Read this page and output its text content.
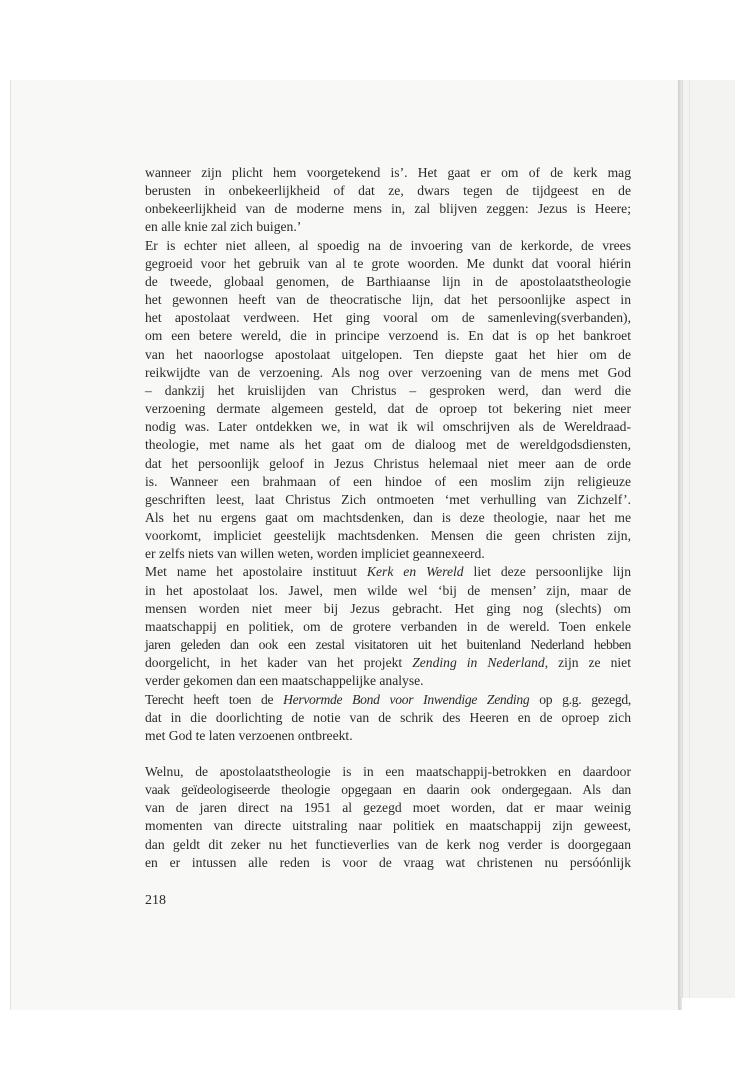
wanneer zijn plicht hem voorgetekend is’. Het gaat er om of de kerk mag

berusten in onbekeerlijkheid of dat ze, dwars tegen de tijdgeest en de

onbekeerlijkheid van de moderne mens in, zal blijven zeggen: Jezus is Heere;

en alle knie zal zich buigen.’

Er is echter niet alleen, al spoedig na de invoering van de kerkorde, de vrees

gegroeid voor het gebruik van al te grote woorden. Me dunkt dat vooral hiérin

de tweede, globaal genomen, de Barthiaanse lijn in de apostolaatstheologie

het gewonnen heeft van de theocratische lijn, dat het persoonlijke aspect in

het apostolaat verdween. Het ging vooral om de samenleving(sverbanden),

om een betere wereld, die in principe verzoend is. En dat is op het bankroet

van het naoorlogse apostolaat uitgelopen. Ten diepste gaat het hier om de

reikwijdte van de verzoening. Als nog over verzoening van de mens met God

– dankzij het kruislijden van Christus – gesproken werd, dan werd die

verzoening dermate algemeen gesteld, dat de oproep tot bekering niet meer

nodig was. Later ontdekken we, in wat ik wil omschrijven als de Wereldraad-

theologie, met name als het gaat om de dialoog met de wereldgodsdiensten,

dat het persoonlijk geloof in Jezus Christus helemaal niet meer aan de orde

is. Wanneer een brahmaan of een hindoe of een moslim zijn religieuze

geschriften leest, laat Christus Zich ontmoeten ‘met verhulling van Zichzelf’.

Als het nu ergens gaat om machtsdenken, dan is deze theologie, naar het me

voorkomt, impliciet geestelijk machtsdenken. Mensen die geen christen zijn,

er zelfs niets van willen weten, worden impliciet geannexeerd.

Met name het apostolaire instituut Kerk en Wereld liet deze persoonlijke lijn

in het apostolaat los. Jawel, men wilde wel ‘bij de mensen’ zijn, maar de

mensen worden niet meer bij Jezus gebracht. Het ging nog (slechts) om

maatschappij en politiek, om de grotere verbanden in de wereld. Toen enkele

jaren geleden dan ook een zestal visitatoren uit het buitenland Nederland hebben

doorgelicht, in het kader van het projekt Zending in Nederland, zijn ze niet

verder gekomen dan een maatschappelijke analyse.

Terecht heeft toen de Hervormde Bond voor Inwendige Zending op g.g. gezegd,

dat in die doorlichting de notie van de schrik des Heeren en de oproep zich

met God te laten verzoenen ontbreekt.

Welnu, de apostolaatstheologie is in een maatschappij-betrokken en daardoor

vaak geïdeologiseerde theologie opgegaan en daarin ook ondergegaan. Als dan

van de jaren direct na 1951 al gezegd moet worden, dat er maar weinig

momenten van directe uitstraling naar politiek en maatschappij zijn geweest,

dan geldt dit zeker nu het functieverlies van de kerk nog verder is doorgegaan

en er intussen alle reden is voor de vraag wat christenen nu persóónlijk

218
